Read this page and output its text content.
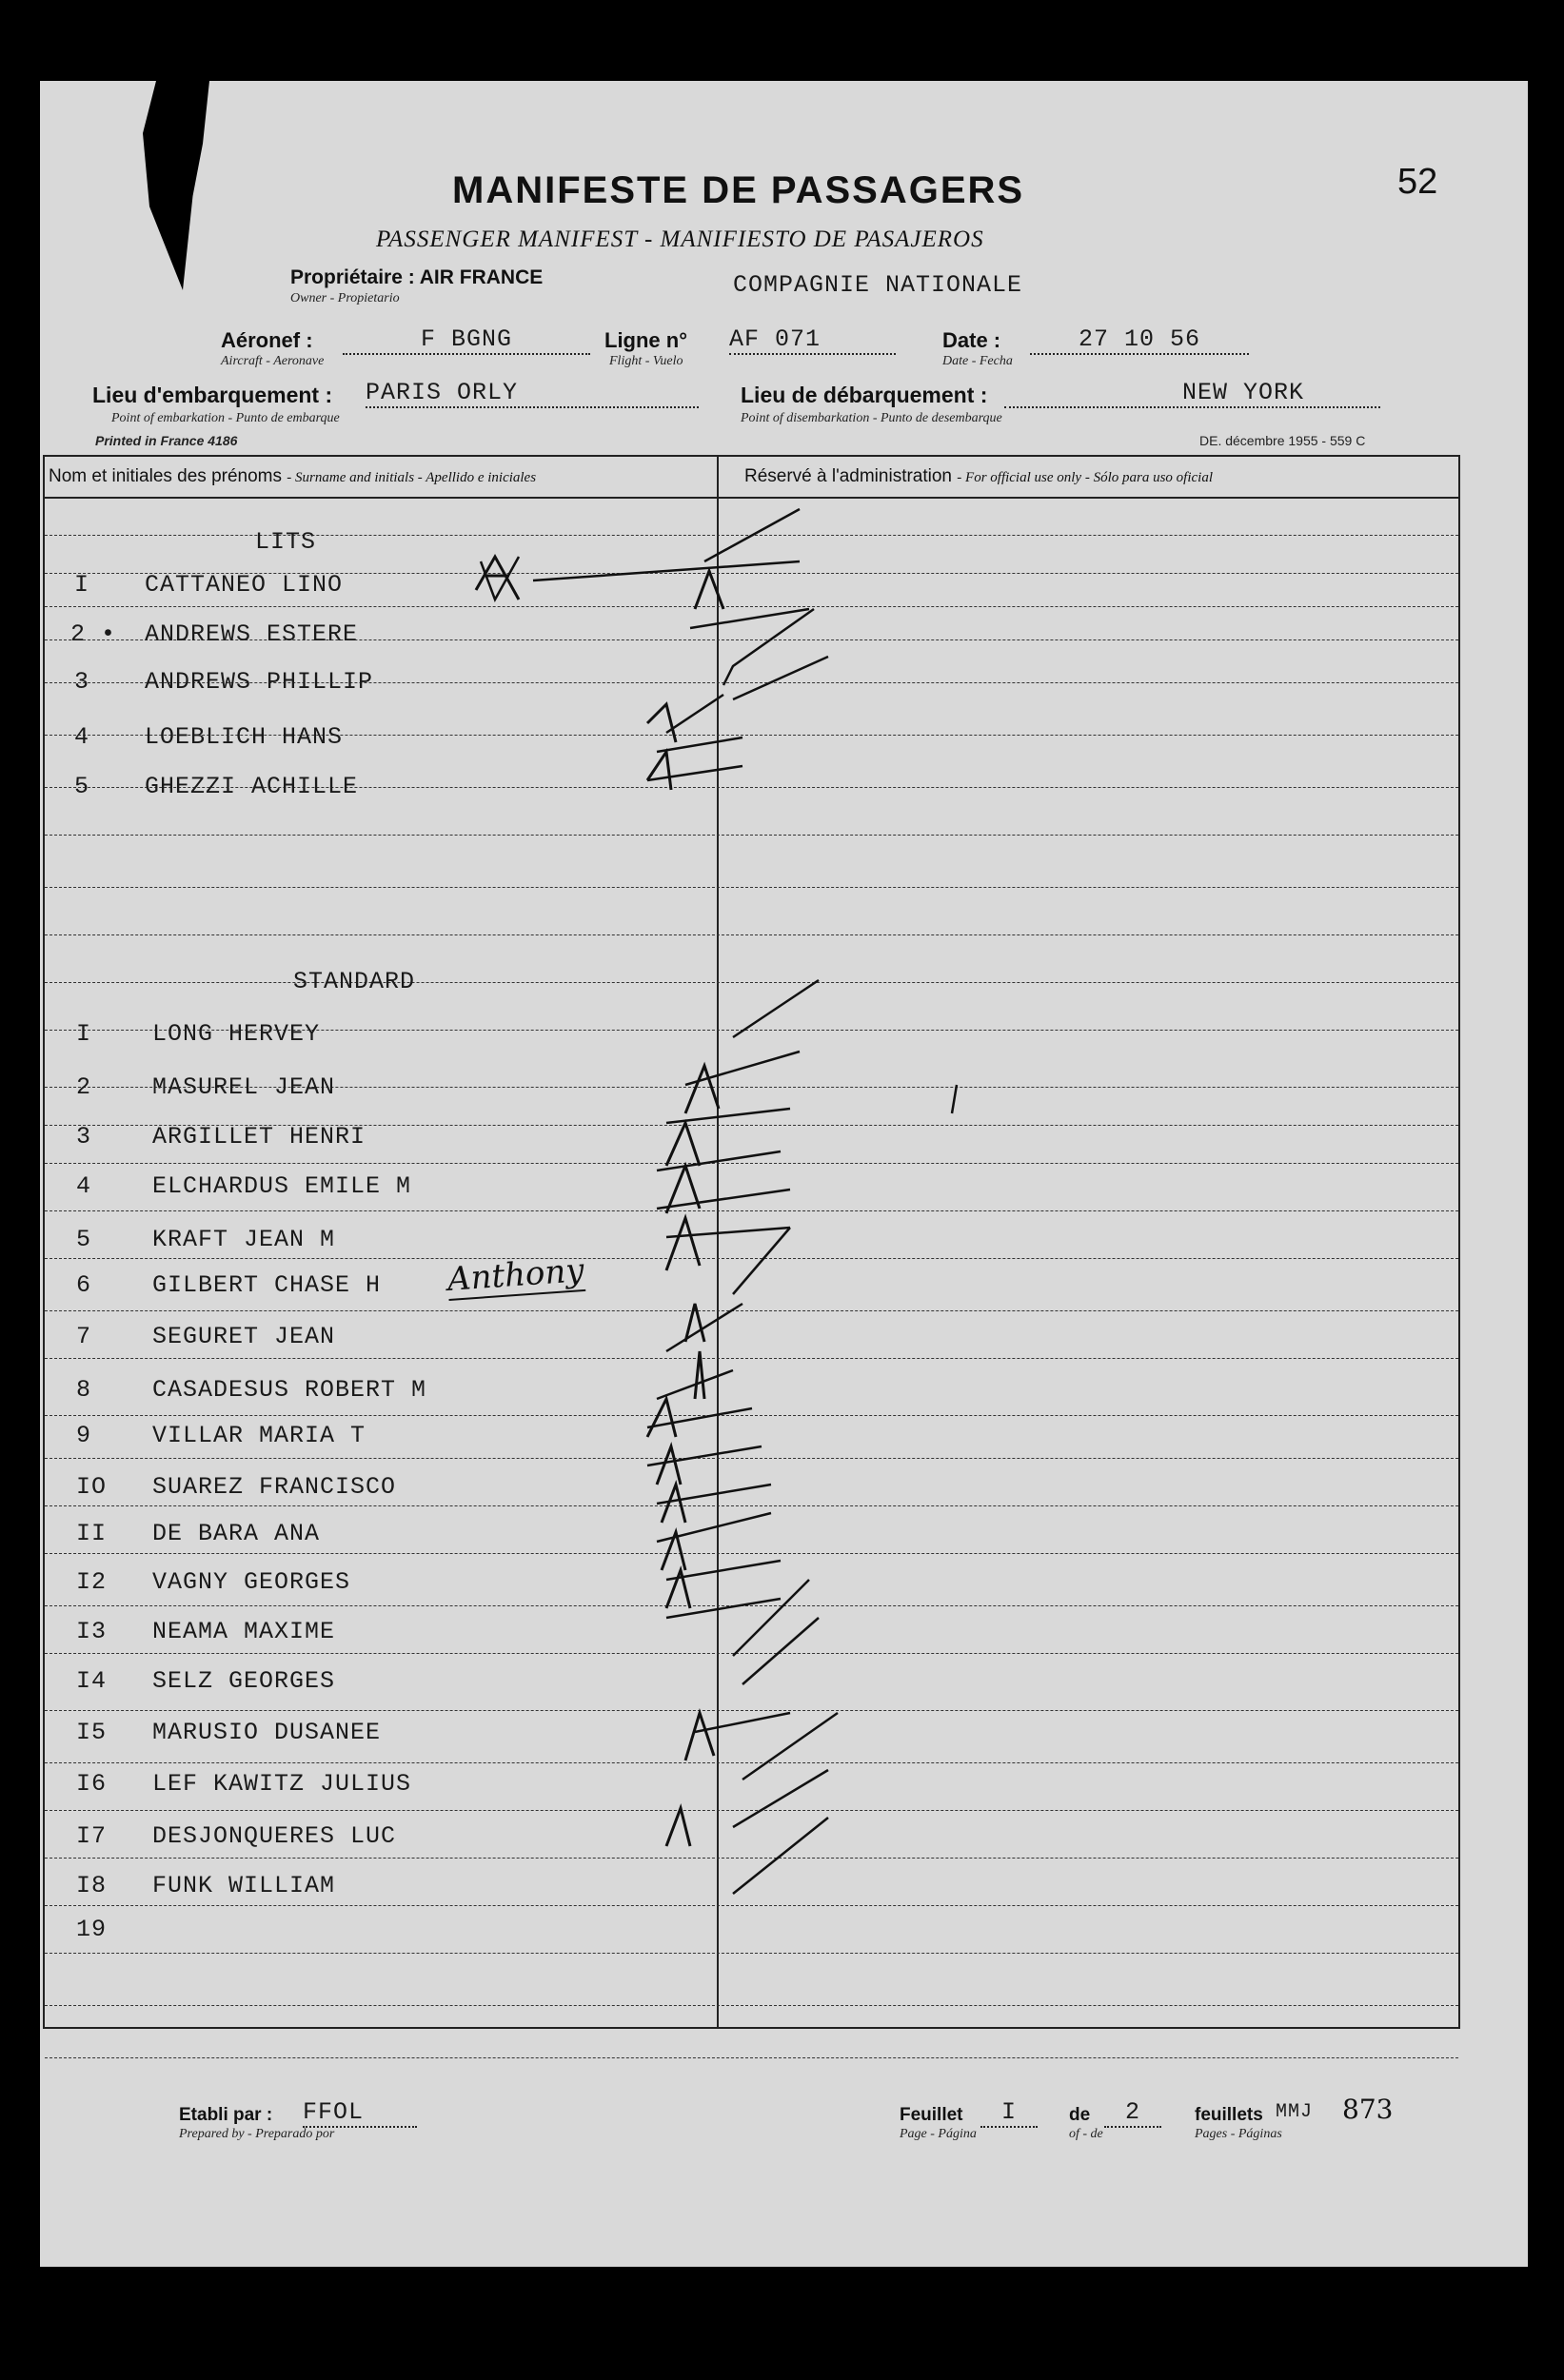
MANIFESTE DE PASSAGERS	52
PASSENGER MANIFEST - MANIFIESTO DE PASAJEROS
Propriétaire : AIR FRANCE
Owner - Propietario	COMPAGNIE NATIONALE
Aéronef :
Aircraft - Aeronave
F BGNG	Ligne n°
Flight - Vuelo
AF 071	Date :
Date - Fecha
27 10 56
Lieu d'embarquement :
Point of embarkation - Punto de embarque
PARIS ORLY	Lieu de débarquement :
Point of disembarkation - Punto de desembarque
NEW YORK
Printed in France 4186	DE. décembre 1955 - 559 C
Nom et initiales des prénoms - Surname and initials - Apellido e iniciales	Réservé à l'administration - For official use only - Sólo para uso oficial
LITS
STANDARD
I CATTANEO LINO
2 • ANDREWS ESTERE
3 ANDREWS PHILLIP
4 LOEBLICH HANS
5 GHEZZI ACHILLE
I	LONG HERVEY
2	MASUREL JEAN
3	ARGILLET HENRI
4	ELCHARDUS EMILE M
5	KRAFT JEAN M
6	GILBERT CHASE H
7	SEGURET JEAN
8	CASADESUS ROBERT M
9	VILLAR MARIA T
IO SUAREZ FRANCISCO
II DE BARA ANA
I2 VAGNY GEORGES
I3 NEAMA MAXIME
I4 SELZ GEORGES
I5 MARUSIO DUSANEE
I6 LEF KAWITZ JULIUS
I7 DESJONQUERES LUC
I8 FUNK WILLIAM
19
Anthony
Etabli par :
Prepared by - Preparado por
FFOL	Feuillet
Page - Página
I	de
of - de
2	feuillets
Pages - Páginas
MMJ 873
